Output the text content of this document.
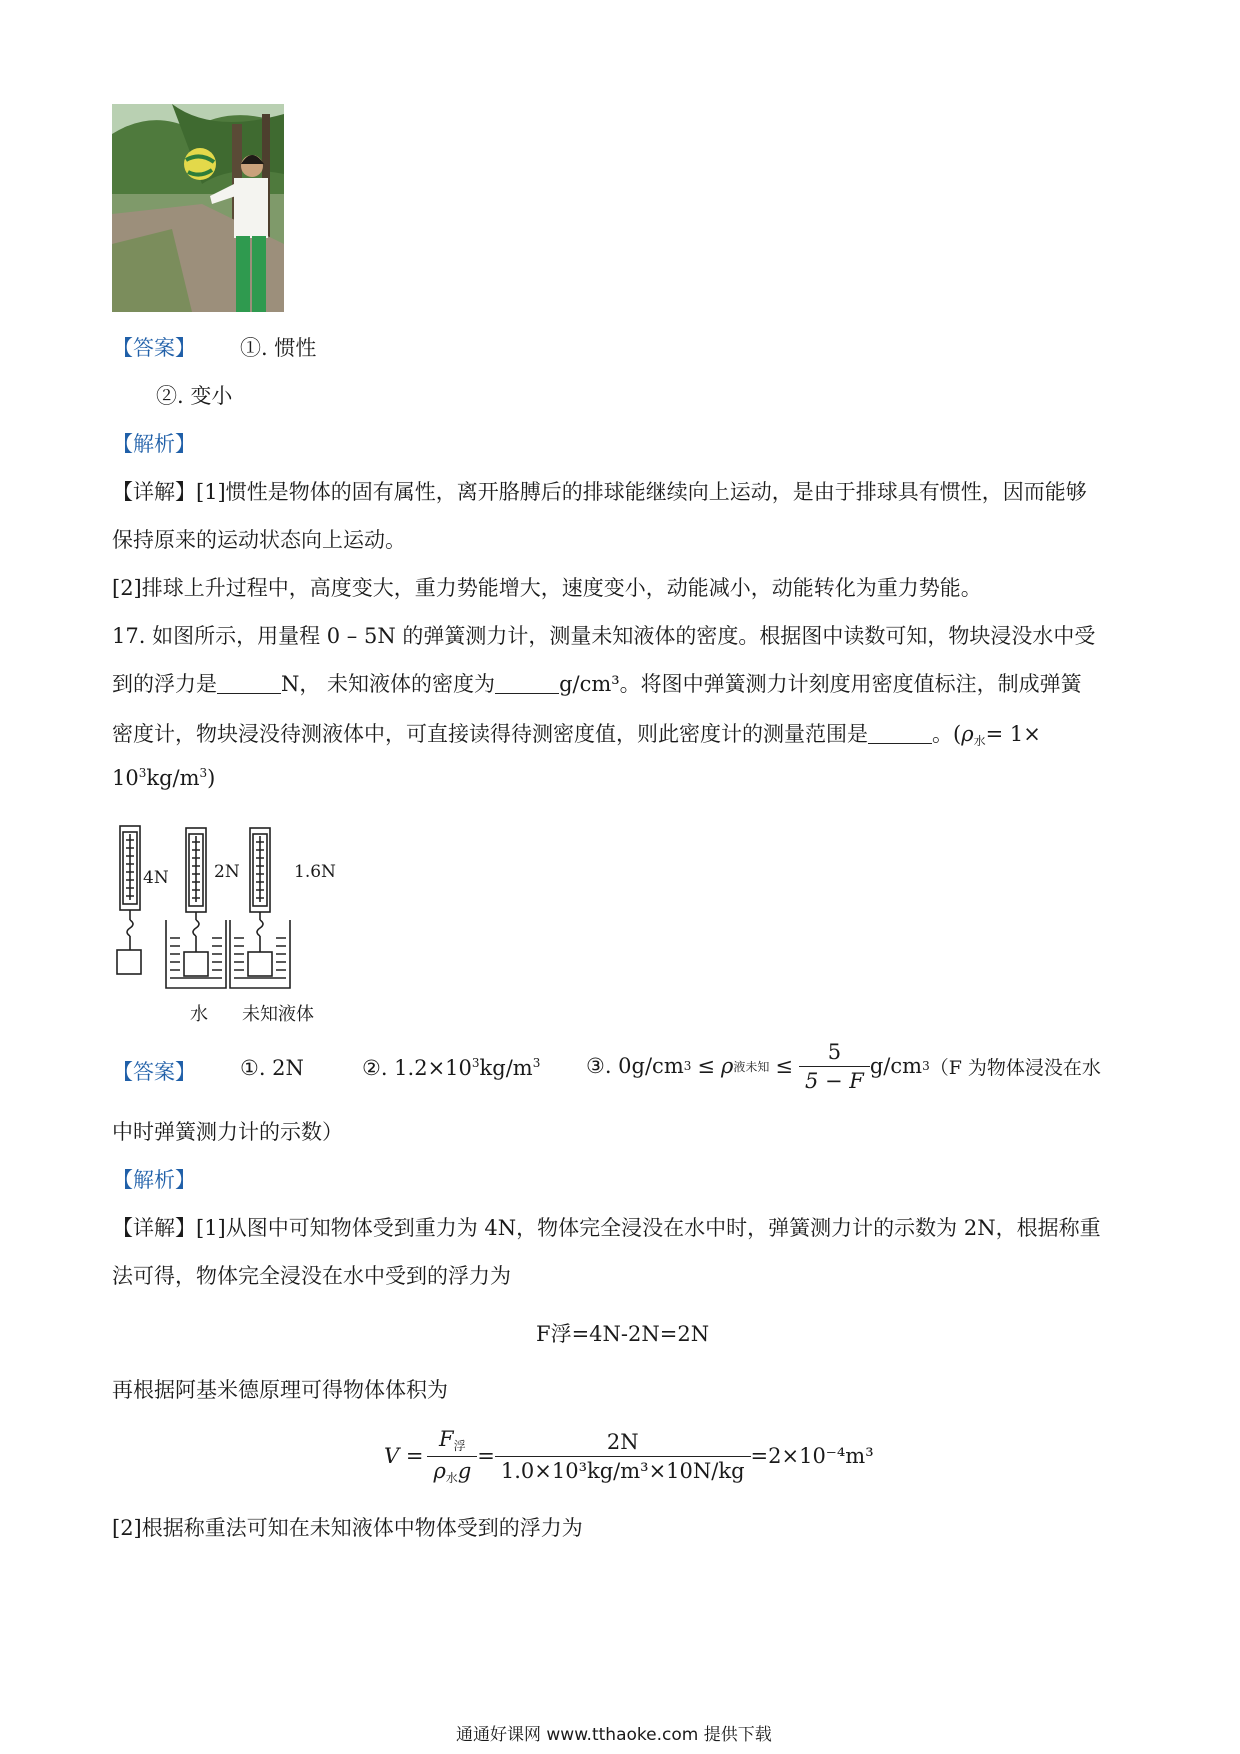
【答案】 ①. 惯性
②. 变小
【解析】
【详解】[1]惯性是物体的固有属性，离开胳膊后的排球能继续向上运动，是由于排球具有惯性，因而能够
保持原来的运动状态向上运动。
[2]排球上升过程中，高度变大，重力势能增大，速度变小，动能减小，动能转化为重力势能。
17. 如图所示，用量程 0 – 5N 的弹簧测力计，测量未知液体的密度。根据图中读数可知，物块浸没水中受
到的浮力是	N， 未知液体的密度为	g/cm³。将图中弹簧测力计刻度用密度值标注，制成弹簧
密度计，物块浸没待测液体中，可直接读得待测密度值，则此密度计的测量范围是	。($\rho_水= 1\times$
$10^3kg/m^3$)
4N	2N	1.6N
水 未知液体
【答案】 ①. 2N	②. $1.2\times 10^3kg/m^3$ ③. 0g/cm 3 ≤ ρ 液未知 ≤ $\frac{5}{5 - F} g/cm$ 3 （F 为物体浸没在水
中时弹簧测力计的示数）
【解析】
【详解】[1]从图中可知物体受到重力为 4N，物体完全浸没在水中时，弹簧测力计的示数为 2N，根据称重
法可得，物体完全浸没在水中受到的浮力为
F浮=4N-2N=2N
再根据阿基米德原理可得物体体积为
$V = \frac{F_浮}{\rho_水g} = \frac{2N}{\text{1.0×10³kg/m³×10N/kg}} =2\times 10^{-4}m^3$
[2]根据称重法可知在未知液体中物体受到的浮力为
通通好课网 www.tthaoke.com 提供下载
